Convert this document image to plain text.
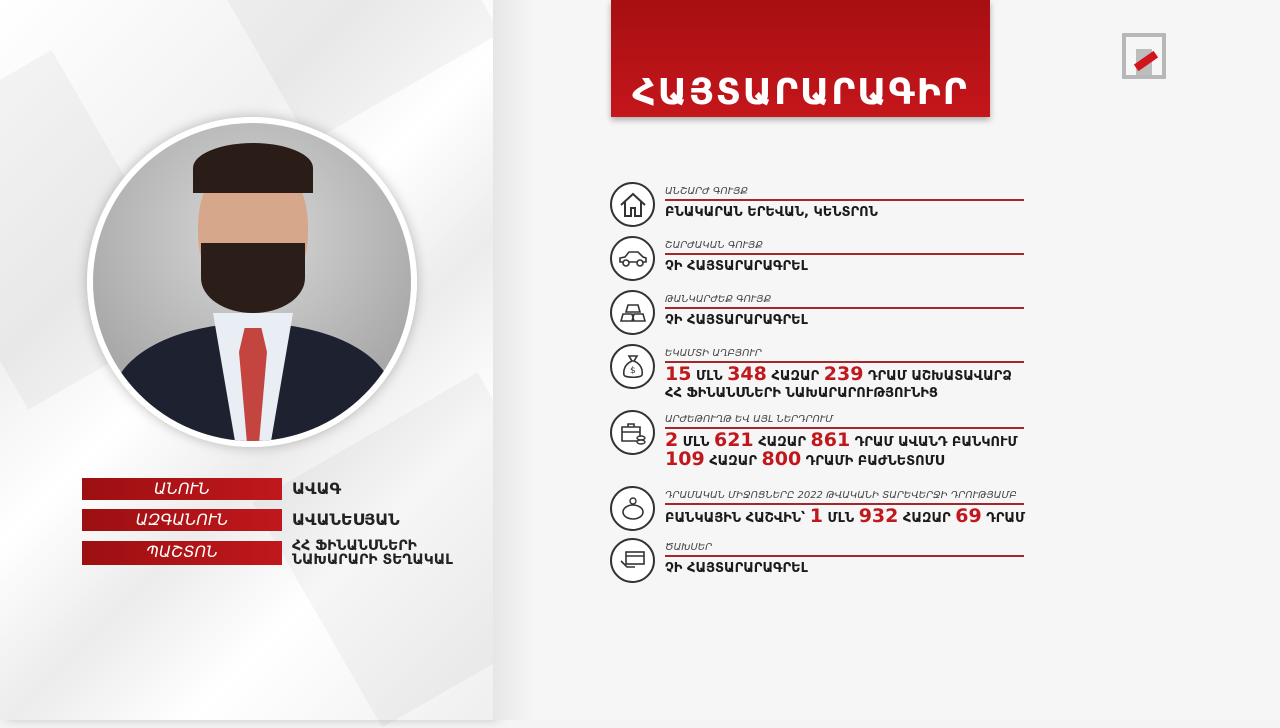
ՀԱՅՏԱՐԱՐԱԳԻՐ
ԱՆՈՒՆ	ԱՎԱԳ
ԱԶԳԱՆՈՒՆ	ԱՎԱՆԵՍՅԱՆ
ՊԱՇՏՈՆ	ՀՀ ՖԻՆԱՆՍՆԵՐԻ
ՆԱԽԱՐԱՐԻ ՏԵՂԱԿԱԼ
ԱՆՇԱՐԺ ԳՈՒՅՔ
ԲՆԱԿԱՐԱՆ ԵՐԵՎԱՆ, ԿԵՆՏՐՈՆ
ՇԱՐԺԱԿԱՆ ԳՈՒՅՔ
ՉԻ ՀԱՅՏԱՐԱՐԱԳՐԵԼ
ԹԱՆԿԱՐԺԵՔ ԳՈՒՅՔ
ՉԻ ՀԱՅՏԱՐԱՐԱԳՐԵԼ
$
ԵԿԱՄՏԻ ԱՂԲՅՈՒՐ
15 ՄԼՆ 348 ՀԱԶԱՐ 239 ԴՐԱՄ ԱՇԽԱՏԱՎԱՐՁ
ՀՀ ՖԻՆԱՆՍՆԵՐԻ ՆԱԽԱՐԱՐՈՒԹՅՈՒՆԻՑ
ԱՐԺԵԹՈՒՂԹ ԵՎ ԱՅԼ ՆԵՐԴՐՈՒՄ
2 ՄԼՆ 621 ՀԱԶԱՐ 861 ԴՐԱՄ ԱՎԱՆԴ ԲԱՆԿՈՒՄ
109 ՀԱԶԱՐ 800 ԴՐԱՄԻ ԲԱԺՆԵՏՈՄՍ
ԴՐԱՄԱԿԱՆ ՄԻՋՈՑՆԵՐԸ 2022 ԹՎԱԿԱՆԻ ՏԱՐԵՎԵՐՋԻ ԴՐՈՒԹՅԱՄԲ
ԲԱՆԿԱՅԻՆ ՀԱՇՎԻՆ՝ 1 ՄԼՆ 932 ՀԱԶԱՐ 69 ԴՐԱՄ
ԾԱԽՍԵՐ
ՉԻ ՀԱՅՏԱՐԱՐԱԳՐԵԼ
